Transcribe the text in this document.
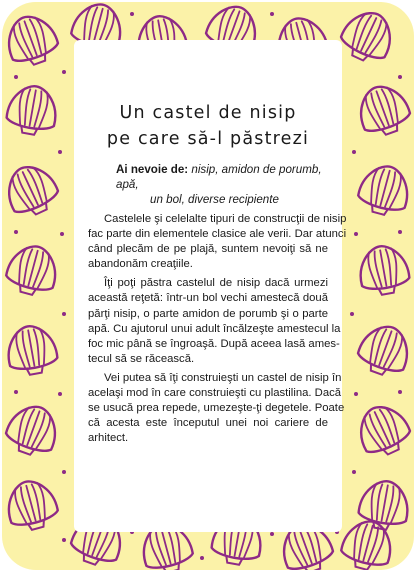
Un castel de nisip
pe care să-l păstrezi
Ai nevoie de: nisip, amidon de porumb, apă,
un bol, diverse recipiente
Castelele şi celelalte tipuri de construcţii de nisip
fac parte din elementele clasice ale verii. Dar atunci
când plecăm de pe plajă, suntem nevoiţi să ne
abandonăm creaţiile.
Îţi poţi păstra castelul de nisip dacă urmezi
această reţetă: într-un bol vechi amestecă două
părţi nisip, o parte amidon de porumb şi o parte
apă. Cu ajutorul unui adult încălzeşte amestecul la
foc mic până se îngroaşă. După aceea lasă ames-
tecul să se răcească.
Vei putea să îţi construieşti un castel de nisip în
acelaşi mod în care construieşti cu plastilina. Dacă
se usucă prea repede, umezeşte-ţi degetele. Poate
că acesta este începutul unei noi cariere de
arhitect.
